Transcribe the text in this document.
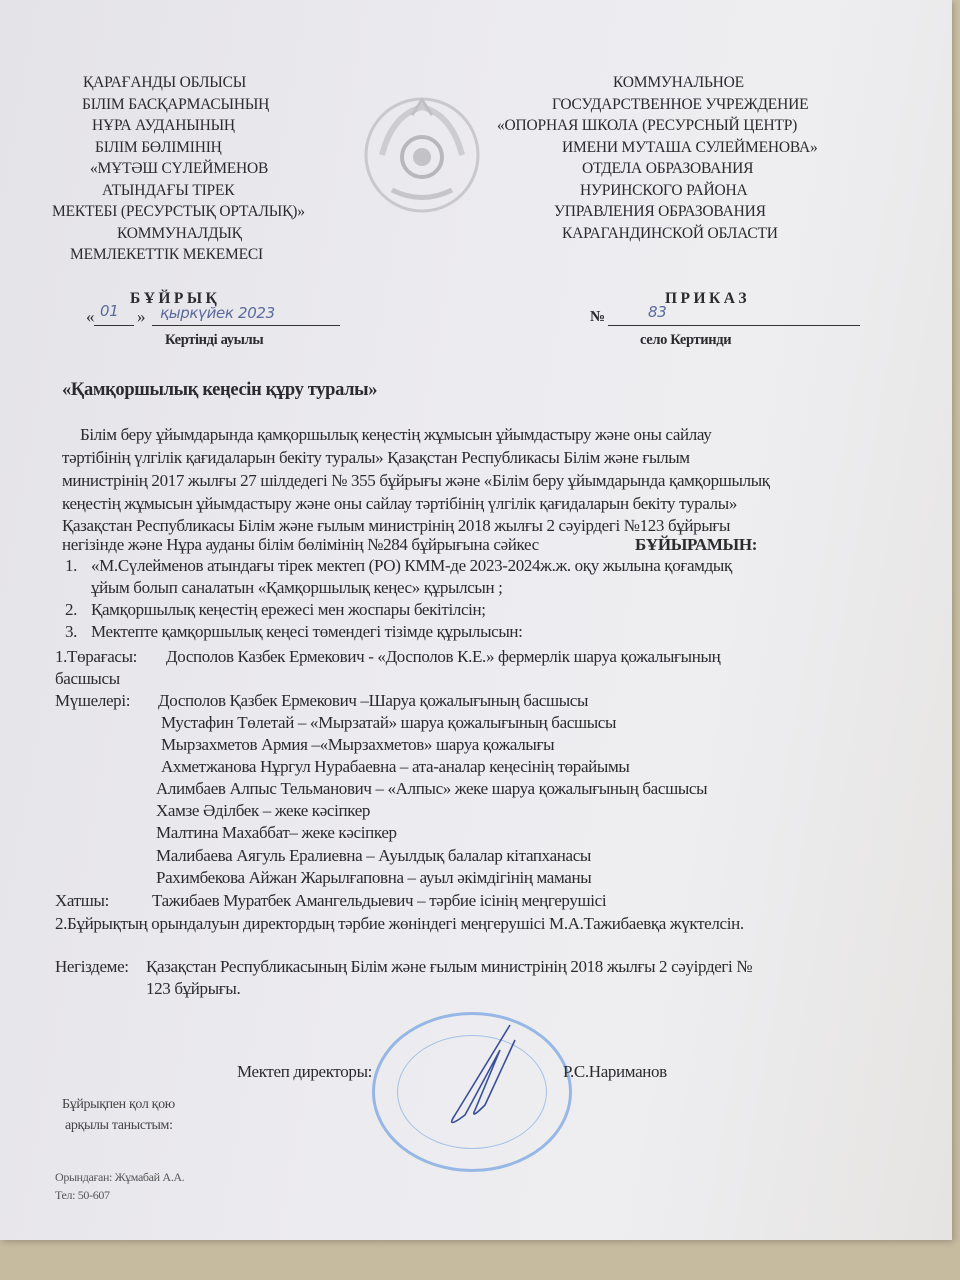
ҚАРАҒАНДЫ ОБЛЫСЫ
БІЛІМ БАСҚАРМАСЫНЫҢ
НҰРА АУДАНЫНЫҢ
БІЛІМ БӨЛІМІНІҢ
«МҰТӘШ СҮЛЕЙМЕНОВ
АТЫНДАҒЫ ТІРЕК
МЕКТЕБІ (РЕСУРСТЫҚ ОРТАЛЫҚ)»
КОММУНАЛДЫҚ
МЕМЛЕКЕТТІК МЕКЕМЕСІ
КОММУНАЛЬНОЕ
ГОСУДАРСТВЕННОЕ УЧРЕЖДЕНИЕ
«ОПОРНАЯ ШКОЛА (РЕСУРСНЫЙ ЦЕНТР)
ИМЕНИ МУТАША СУЛЕЙМЕНОВА»
ОТДЕЛА ОБРАЗОВАНИЯ
НУРИНСКОГО РАЙОНА
УПРАВЛЕНИЯ ОБРАЗОВАНИЯ
КАРАГАНДИНСКОЙ ОБЛАСТИ
Б Ұ Й Р Ы Қ
« 01 » қыркүйек 2023
Кертінді ауылы
П Р И К А З
№	83
село Кертинди
«Қамқоршылық кеңесін құру туралы»
Білім беру ұйымдарында қамқоршылық кеңестің жұмысын ұйымдастыру және оны сайлау
тәртібінің үлгілік қағидаларын бекіту туралы» Қазақстан Республикасы Білім және ғылым
министрінің 2017 жылғы 27 шілдедегі № 355 бұйрығы және «Білім беру ұйымдарында қамқоршылық
кеңестің жұмысын ұйымдастыру және оны сайлау тәртібінің үлгілік қағидаларын бекіту туралы»
Қазақстан Республикасы Білім және ғылым министрінің 2018 жылғы 2 сәуірдегі №123 бұйрығы
негізінде және Нұра ауданы білім бөлімінің №284 бұйрығына сәйкес	БҰЙЫРАМЫН:
1. «М.Сүлейменов атындағы тірек мектеп (РО) КММ-де 2023-2024ж.ж. оқу жылына қоғамдық
ұйым болып саналатын «Қамқоршылық кеңес» құрылсын ;
2. Қамқоршылық кеңестің ережесі мен жоспары бекітілсін;
3. Мектепте қамқоршылық кеңесі төмендегі тізімде құрылысын:
1.Төрағасы: Досполов Казбек Ермекович - «Досполов К.Е.» фермерлік шаруа қожалығының
басшысы
Мүшелері: Досполов Қазбек Ермекович –Шаруа қожалығының басшысы
Мустафин Төлетай – «Мырзатай» шаруа қожалығының басшысы
Мырзахметов Армия –«Мырзахметов» шаруа қожалығы
Ахметжанова Нұргул Нурабаевна – ата-аналар кеңесінің төрайымы
Алимбаев Алпыс Тельманович – «Алпыс» жеке шаруа қожалығының басшысы
Хамзе Әділбек – жеке кәсіпкер
Малтина Махаббат– жеке кәсіпкер
Малибаева Аягуль Ералиевна – Ауылдық балалар кітапханасы
Рахимбекова Айжан Жарылғаповна – ауыл әкімдігінің маманы
Хатшы:	Тажибаев Муратбек Амангельдыевич – тәрбие ісінің меңгерушісі
2.Бұйрықтың орындалуын директордың тәрбие жөніндегі меңгерушісі М.А.Тажибаевқа жүктелсін.
Негіздеме: Қазақстан Республикасының Білім және ғылым министрінің 2018 жылғы 2 сәуірдегі №
123 бұйрығы.
Мектеп директоры:	Р.С.Нариманов
Бұйрықпен қол қою
арқылы таныстым:
Орындаған: Жұмабай А.А.
Тел: 50-607
